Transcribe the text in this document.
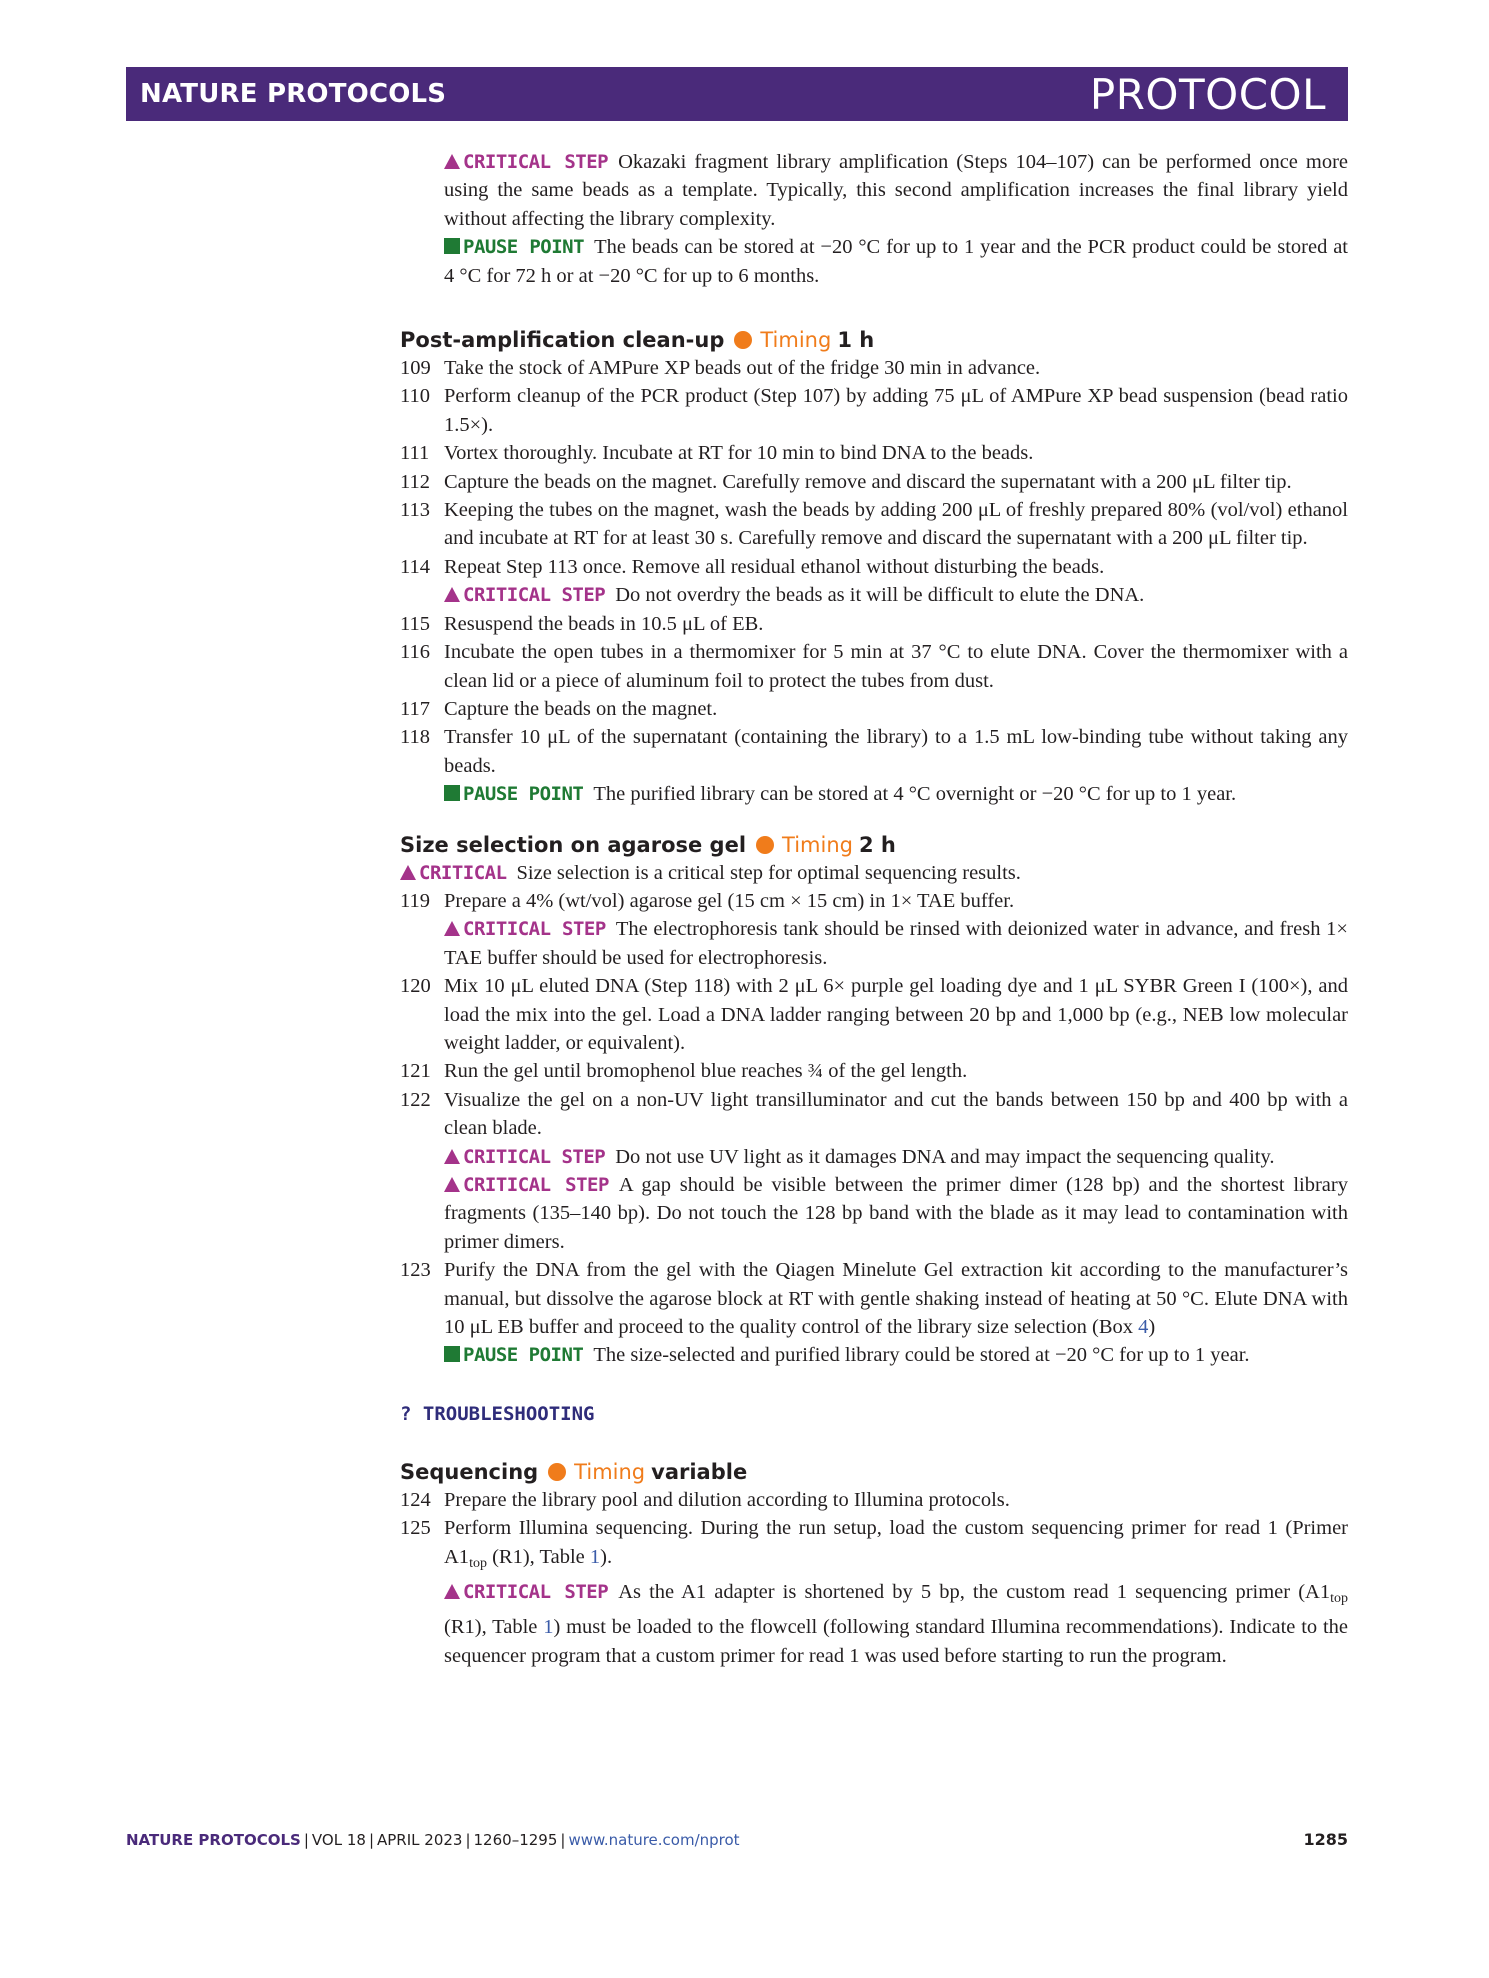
NATURE PROTOCOLS	PROTOCOL
CRITICAL STEP Okazaki fragment library amplification (Steps 104–107) can be performed once more using the same beads as a template. Typically, this second amplification increases the final library yield without affecting the library complexity.
PAUSE POINT The beads can be stored at −20 °C for up to 1 year and the PCR product could be stored at 4 °C for 72 h or at −20 °C for up to 6 months.
Post-amplification clean-up Timing 1 h
109 Take the stock of AMPure XP beads out of the fridge 30 min in advance.
110 Perform cleanup of the PCR product (Step 107) by adding 75 μL of AMPure XP bead suspension (bead ratio 1.5×).
111 Vortex thoroughly. Incubate at RT for 10 min to bind DNA to the beads.
112 Capture the beads on the magnet. Carefully remove and discard the supernatant with a 200 μL filter tip.
113 Keeping the tubes on the magnet, wash the beads by adding 200 μL of freshly prepared 80% (vol/vol) ethanol and incubate at RT for at least 30 s. Carefully remove and discard the supernatant with a 200 μL filter tip.
114 Repeat Step 113 once. Remove all residual ethanol without disturbing the beads.
CRITICAL STEP Do not overdry the beads as it will be difficult to elute the DNA.
115 Resuspend the beads in 10.5 μL of EB.
116 Incubate the open tubes in a thermomixer for 5 min at 37 °C to elute DNA. Cover the thermomixer with a clean lid or a piece of aluminum foil to protect the tubes from dust.
117 Capture the beads on the magnet.
118 Transfer 10 μL of the supernatant (containing the library) to a 1.5 mL low-binding tube without taking any beads.
PAUSE POINT The purified library can be stored at 4 °C overnight or −20 °C for up to 1 year.
Size selection on agarose gel Timing 2 h
CRITICAL Size selection is a critical step for optimal sequencing results.
119 Prepare a 4% (wt/vol) agarose gel (15 cm × 15 cm) in 1× TAE buffer.
CRITICAL STEP The electrophoresis tank should be rinsed with deionized water in advance, and fresh 1× TAE buffer should be used for electrophoresis.
120 Mix 10 μL eluted DNA (Step 118) with 2 μL 6× purple gel loading dye and 1 μL SYBR Green I (100×), and load the mix into the gel. Load a DNA ladder ranging between 20 bp and 1,000 bp (e.g., NEB low molecular weight ladder, or equivalent).
121 Run the gel until bromophenol blue reaches ¾ of the gel length.
122 Visualize the gel on a non-UV light transilluminator and cut the bands between 150 bp and 400 bp with a clean blade.
CRITICAL STEP Do not use UV light as it damages DNA and may impact the sequencing quality.
CRITICAL STEP A gap should be visible between the primer dimer (128 bp) and the shortest library fragments (135–140 bp). Do not touch the 128 bp band with the blade as it may lead to contamination with primer dimers.
123 Purify the DNA from the gel with the Qiagen Minelute Gel extraction kit according to the manufacturer’s manual, but dissolve the agarose block at RT with gentle shaking instead of heating at 50 °C. Elute DNA with 10 μL EB buffer and proceed to the quality control of the library size selection (Box 4)
PAUSE POINT The size-selected and purified library could be stored at −20 °C for up to 1 year.
? TROUBLESHOOTING
Sequencing Timing variable
124 Prepare the library pool and dilution according to Illumina protocols.
125 Perform Illumina sequencing. During the run setup, load the custom sequencing primer for read 1 (Primer $A1_{top}$ (R1), Table 1).
CRITICAL STEP As the A1 adapter is shortened by 5 bp, the custom read 1 sequencing primer ($A1_{top}$ (R1), Table 1) must be loaded to the flowcell (following standard Illumina recommendations). Indicate to the sequencer program that a custom primer for read 1 was used before starting to run the program.
NATURE PROTOCOLS | VOL 18 | APRIL 2023 | 1260–1295 | www.nature.com/nprot	1285
